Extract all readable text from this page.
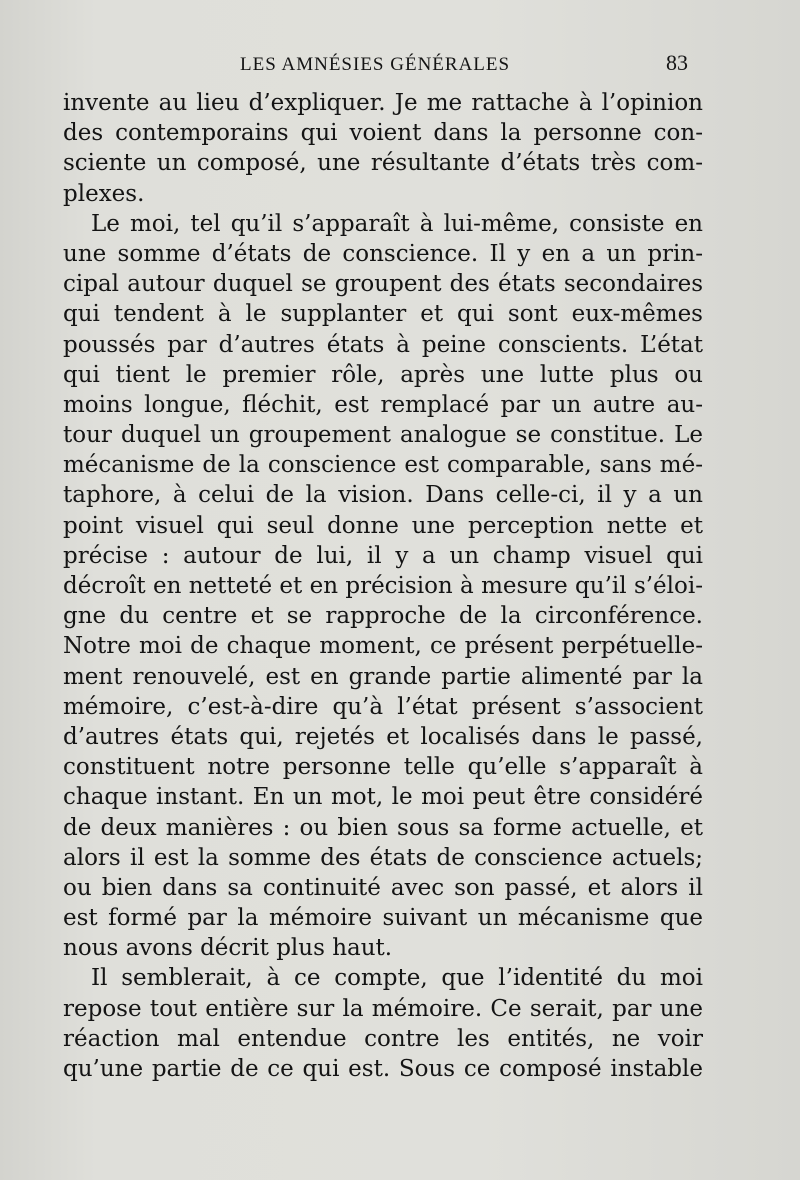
LES AMNÉSIES GÉNÉRALES	83
invente au lieu d’expliquer. Je me rattache à l’opinion
des contemporains qui voient dans la personne con-
sciente un composé, une résultante d’états très com-
plexes.
Le moi, tel qu’il s’apparaît à lui-même, consiste en
une somme d’états de conscience. Il y en a un prin-
cipal autour duquel se groupent des états secondaires
qui tendent à le supplanter et qui sont eux-mêmes
poussés par d’autres états à peine conscients. L’état
qui tient le premier rôle, après une lutte plus ou
moins longue, fléchit, est remplacé par un autre au-
tour duquel un groupement analogue se constitue. Le
mécanisme de la conscience est comparable, sans mé-
taphore, à celui de la vision. Dans celle-ci, il y a un
point visuel qui seul donne une perception nette et
précise : autour de lui, il y a un champ visuel qui
décroît en netteté et en précision à mesure qu’il s’éloi-
gne du centre et se rapproche de la circonférence.
Notre moi de chaque moment, ce présent perpétuelle-
ment renouvelé, est en grande partie alimenté par la
mémoire, c’est-à-dire qu’à l’état présent s’associent
d’autres états qui, rejetés et localisés dans le passé,
constituent notre personne telle qu’elle s’apparaît à
chaque instant. En un mot, le moi peut être considéré
de deux manières : ou bien sous sa forme actuelle, et
alors il est la somme des états de conscience actuels;
ou bien dans sa continuité avec son passé, et alors il
est formé par la mémoire suivant un mécanisme que
nous avons décrit plus haut.
Il semblerait, à ce compte, que l’identité du moi
repose tout entière sur la mémoire. Ce serait, par une
réaction mal entendue contre les entités, ne voir
qu’une partie de ce qui est. Sous ce composé instable
